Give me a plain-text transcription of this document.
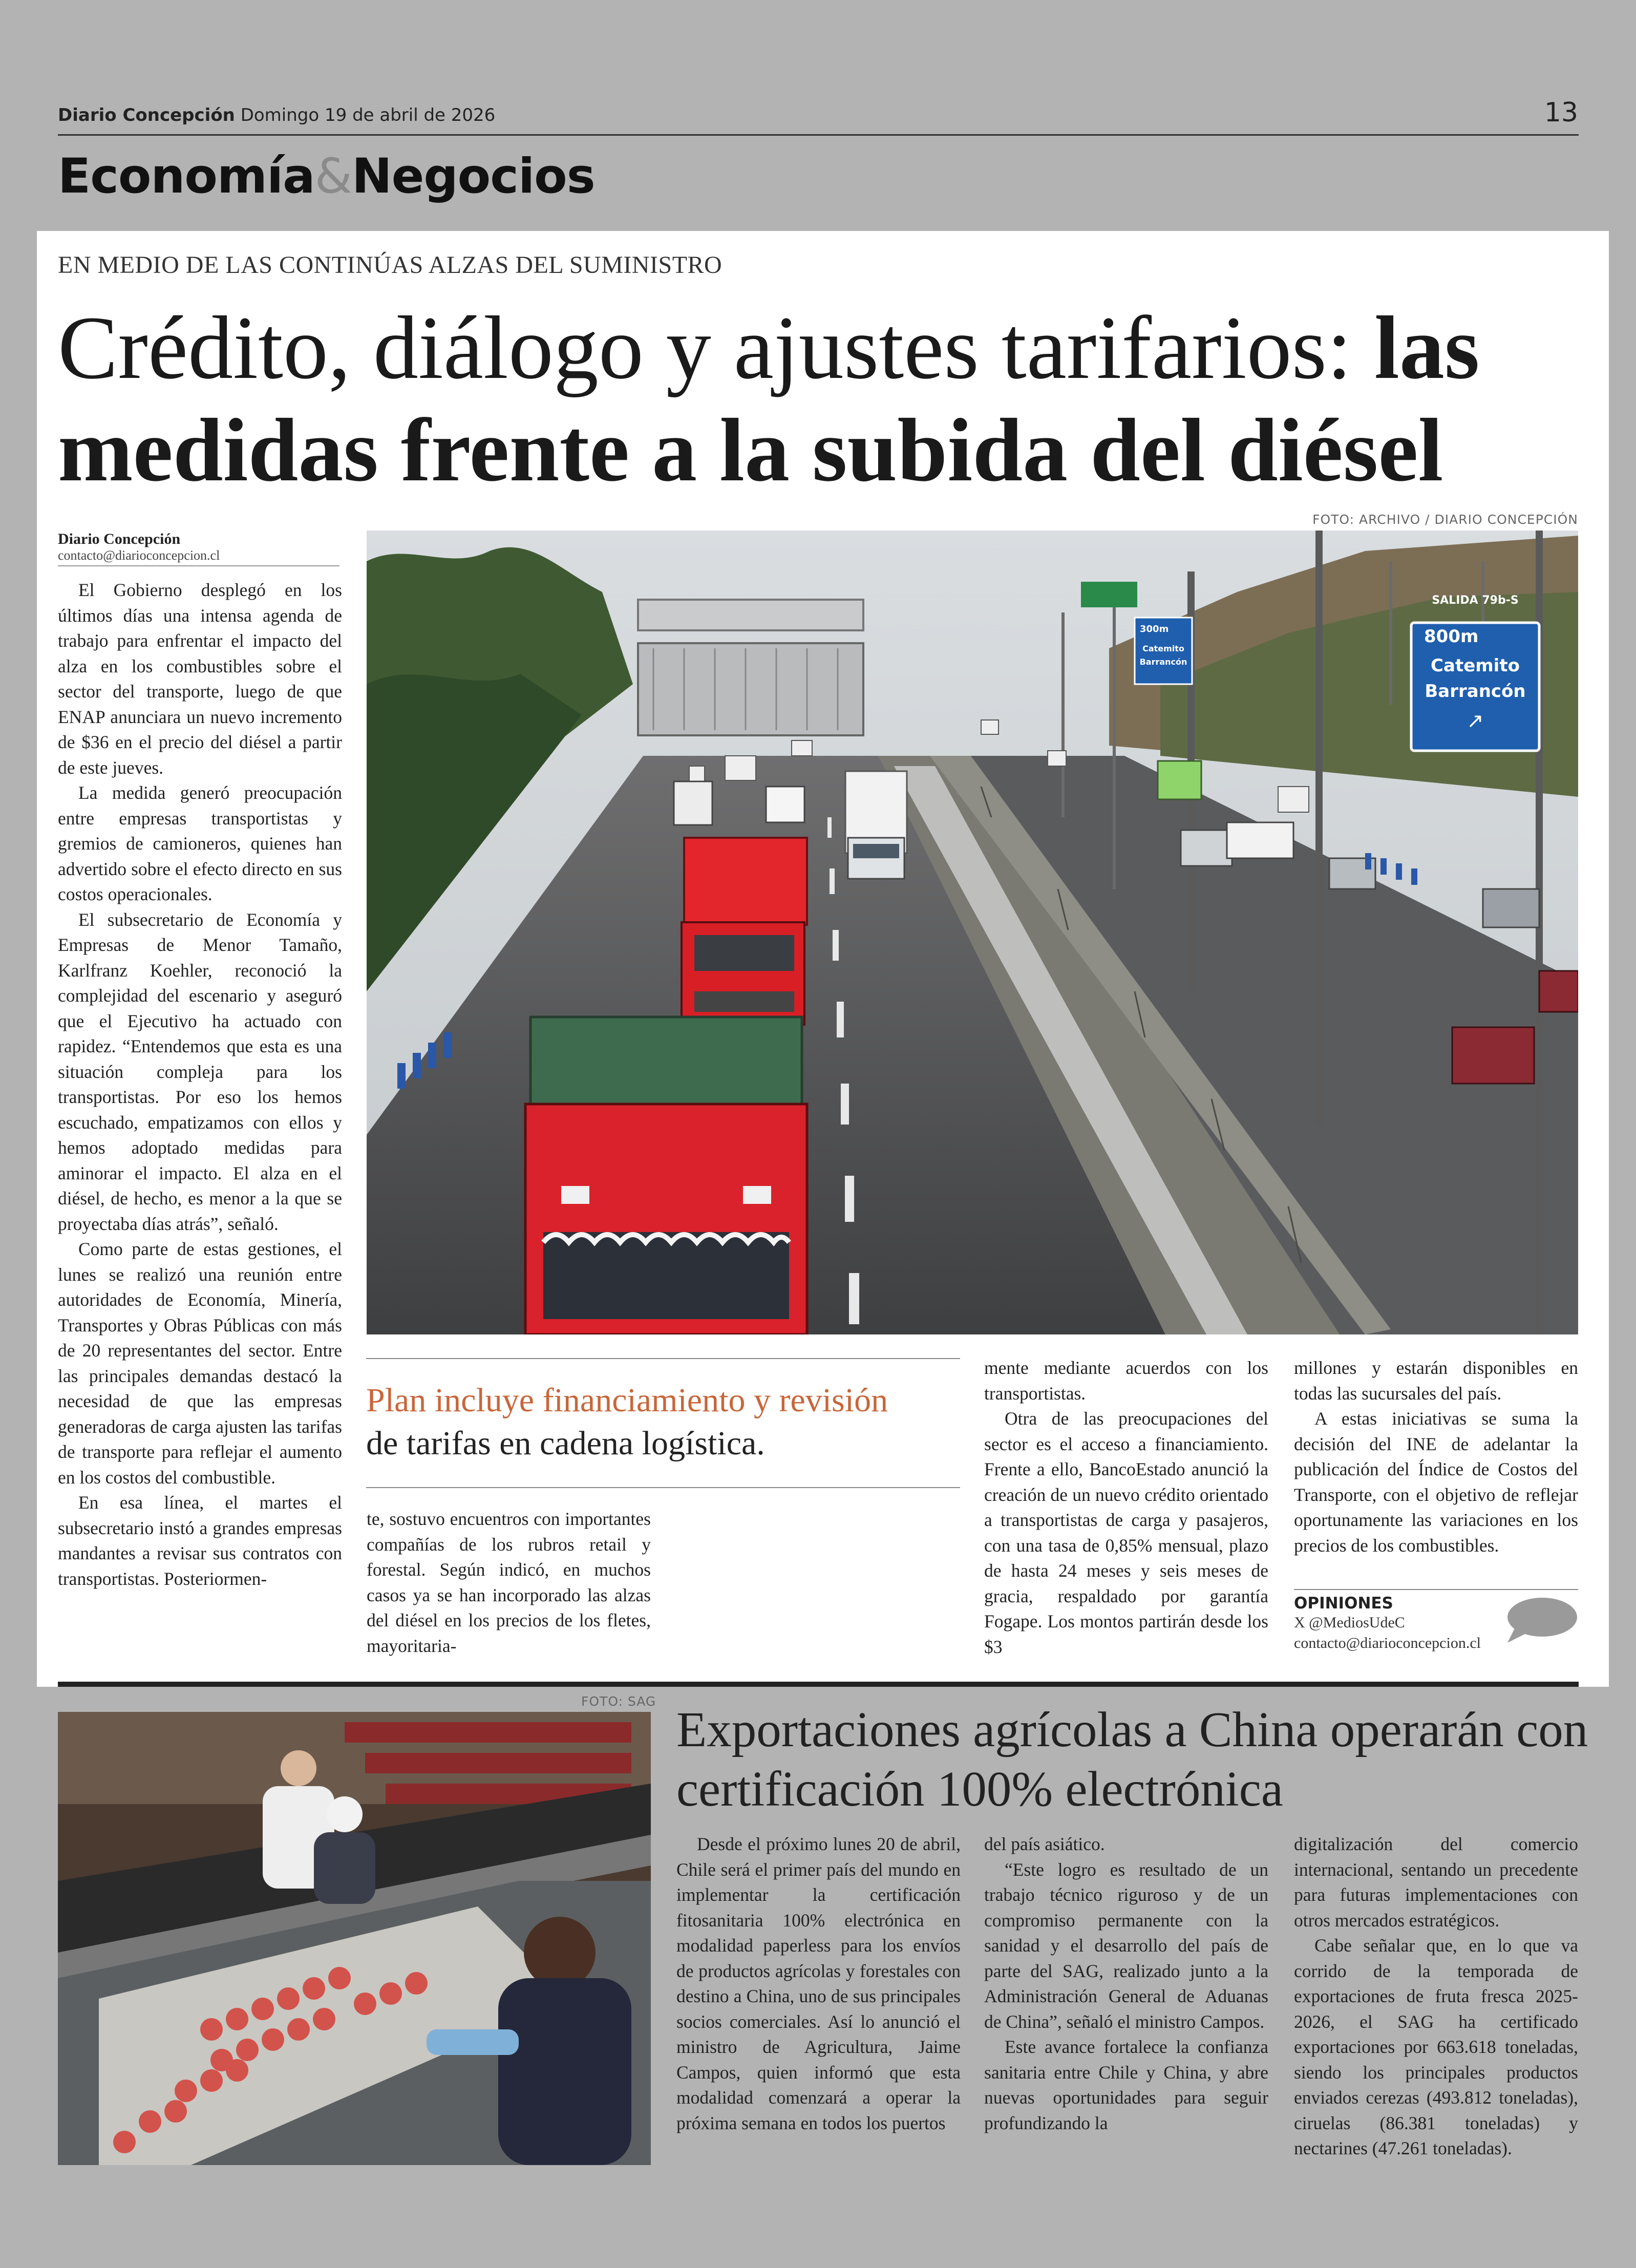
Diario Concepción Domingo 19 de abril de 2026	13
Economía&Negocios
EN MEDIO DE LAS CONTINÚAS ALZAS DEL SUMINISTRO
Crédito, diálogo y ajustes tarifarios: las medidas frente a la subida del diésel
Diario Concepción
contacto@diarioconcepcion.cl

El Gobierno desplegó en los últimos días una intensa agenda de trabajo para enfrentar el impacto del alza en los combustibles sobre el sector del transporte, luego de que ENAP anunciara un nuevo incremento de $36 en el precio del diésel a partir de este jueves.

La medida generó preocupación entre empresas transportistas y gremios de camioneros, quienes han advertido sobre el efecto directo en sus costos operacionales.

El subsecretario de Economía y Empresas de Menor Tamaño, Karlfranz Koehler, reconoció la complejidad del escenario y aseguró que el Ejecutivo ha actuado con rapidez. “Entendemos que esta es una situación compleja para los transportistas. Por eso los hemos escuchado, empatizamos con ellos y hemos adoptado medidas para aminorar el impacto. El alza en el diésel, de hecho, es menor a la que se proyectaba días atrás”, señaló.

Como parte de estas gestiones, el lunes se realizó una reunión entre autoridades de Economía, Minería, Transportes y Obras Públicas con más de 20 representantes del sector. Entre las principales demandas destacó la necesidad de que las empresas generadoras de carga ajusten las tarifas de transporte para reflejar el aumento en los costos del combustible.

En esa línea, el martes el subsecretario instó a grandes empresas mandantes a revisar sus contratos con transportistas. Posteriormen-

FOTO: ARCHIVO / DIARIO CONCEPCIÓN
SALIDA 79b-S
800m
Catemito
Barrancón
↗
300m
Catemito
Barrancón
Plan incluye financiamiento y revisión
de tarifas en cadena logística.

te, sostuvo encuentros con importantes compañías de los rubros retail y forestal. Según indicó, en muchos casos ya se han incorporado las alzas del diésel en los precios de los fletes, mayoritaria-

mente mediante acuerdos con los transportistas.

Otra de las preocupaciones del sector es el acceso a financiamiento. Frente a ello, BancoEstado anunció la creación de un nuevo crédito orientado a transportistas de carga y pasajeros, con una tasa de 0,85% mensual, plazo de hasta 24 meses y seis meses de gracia, respaldado por garantía Fogape. Los montos partirán desde los $3

millones y estarán disponibles en todas las sucursales del país.

A estas iniciativas se suma la decisión del INE de adelantar la publicación del Índice de Costos del Transporte, con el objetivo de reflejar oportunamente las variaciones en los precios de los combustibles.

OPINIONES
X @MediosUdeC
contacto@diarioconcepcion.cl
FOTO: SAG
Exportaciones agrícolas a China operarán con certificación 100% electrónica

Desde el próximo lunes 20 de abril, Chile será el primer país del mundo en implementar la certificación fitosanitaria 100% electrónica en modalidad paperless para los envíos de productos agrícolas y forestales con destino a China, uno de sus principales socios comerciales. Así lo anunció el ministro de Agricultura, Jaime Campos, quien informó que esta modalidad comenzará a operar la próxima semana en todos los puertos

del país asiático.

“Este logro es resultado de un trabajo técnico riguroso y de un compromiso permanente con la sanidad y el desarrollo del país de parte del SAG, realizado junto a la Administración General de Aduanas de China”, señaló el ministro Campos.

Este avance fortalece la confianza sanitaria entre Chile y China, y abre nuevas oportunidades para seguir profundizando la

digitalización del comercio internacional, sentando un precedente para futuras implementaciones con otros mercados estratégicos.

Cabe señalar que, en lo que va corrido de la temporada de exportaciones de fruta fresca 2025-2026, el SAG ha certificado exportaciones por 663.618 toneladas, siendo los principales productos enviados cerezas (493.812 toneladas), ciruelas (86.381 toneladas) y nectarines (47.261 toneladas).
